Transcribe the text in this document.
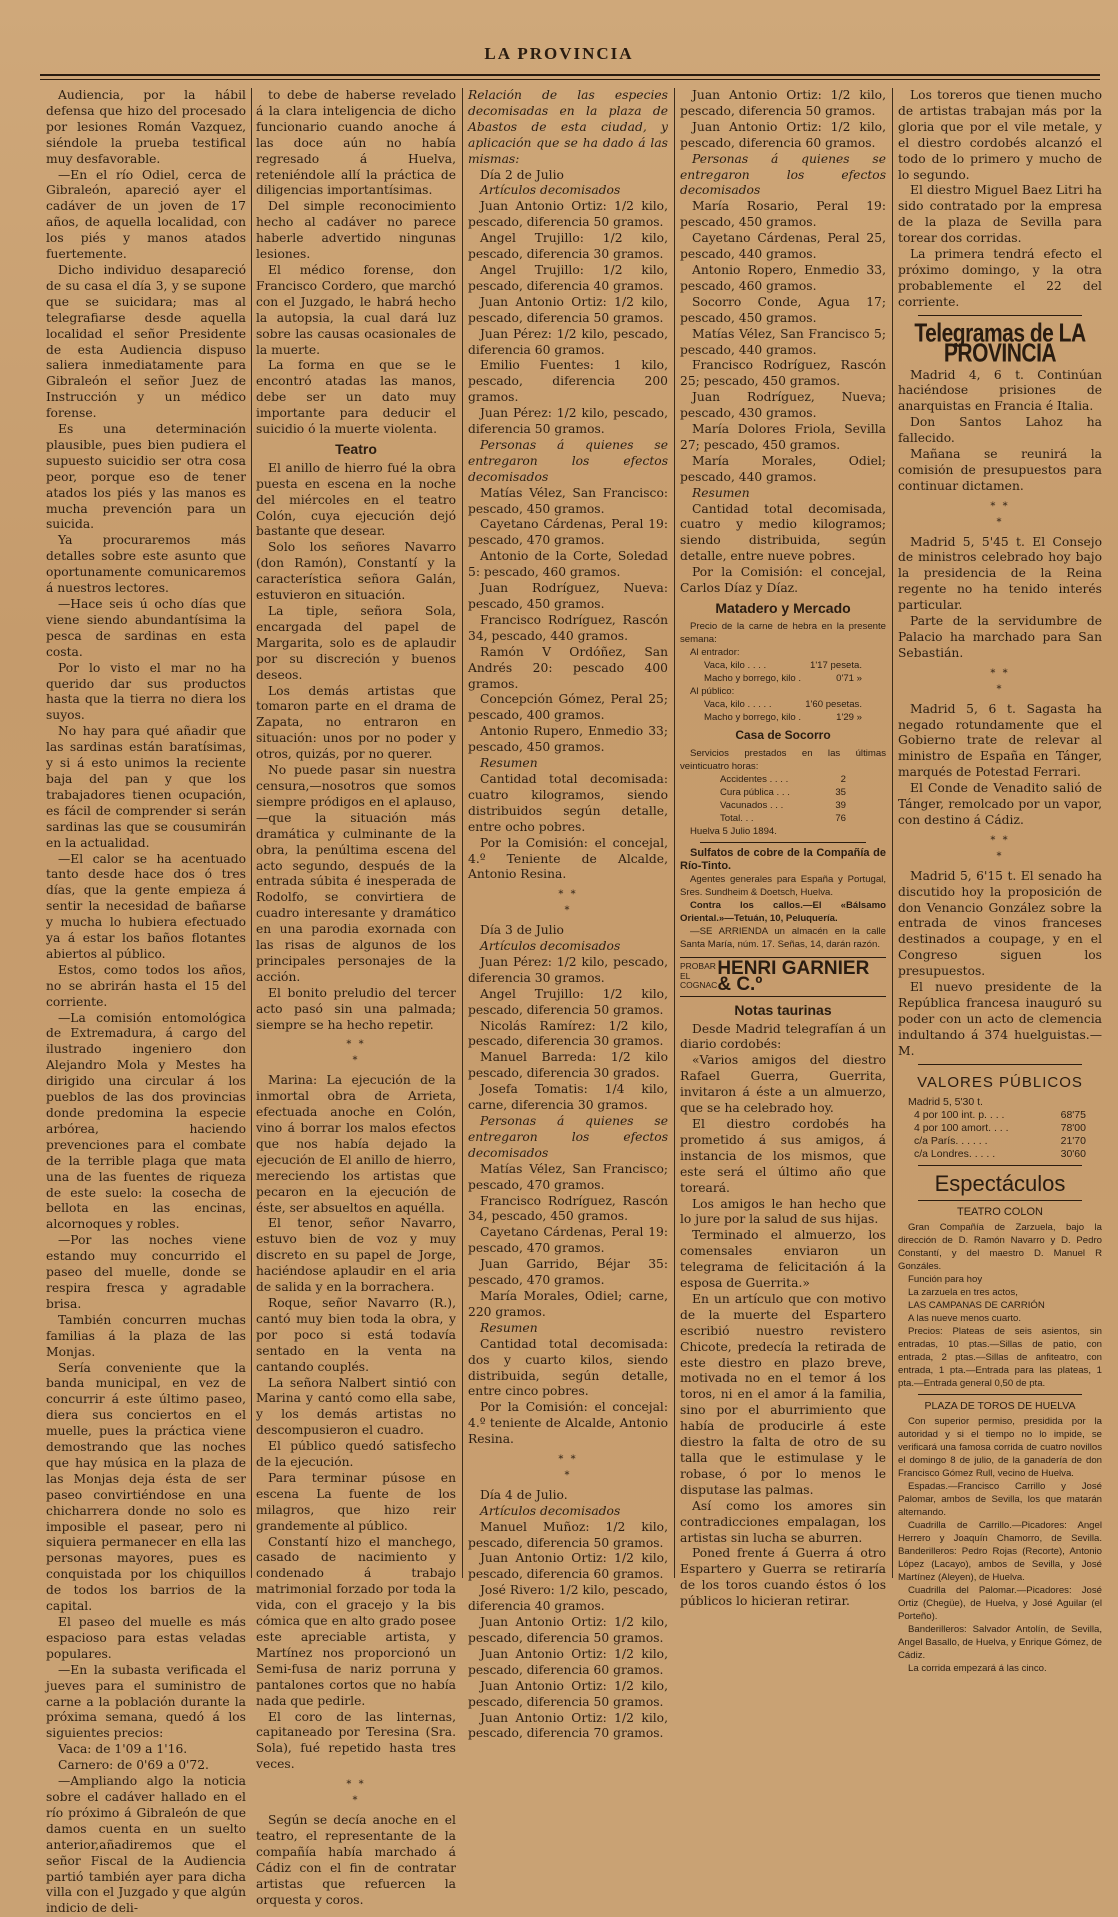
LA PROVINCIA

Audiencia, por la hábil defensa que hizo del procesado por lesiones Román Vazquez, siéndole la prueba testifical muy desfavorable.

—En el río Odiel, cerca de Gibraleón, apareció ayer el cadáver de un joven de 17 años, de aquella localidad, con los piés y manos atados fuertemente.

Dicho individuo desapareció de su casa el día 3, y se supone que se suicidara; mas al telegrafiarse desde aquella localidad el señor Presidente de esta Audiencia dispuso saliera inmediatamente para Gibraleón el señor Juez de Instrucción y un médico forense.

Es una determinación plausible, pues bien pudiera el supuesto suicidio ser otra cosa peor, porque eso de tener atados los piés y las manos es mucha prevención para un suicida.

Ya procuraremos más detalles sobre este asunto que oportunamente comunicaremos á nuestros lectores.

—Hace seis ú ocho días que viene siendo abundantísima la pesca de sardinas en esta costa.

Por lo visto el mar no ha querido dar sus productos hasta que la tierra no diera los suyos.

No hay para qué añadir que las sardinas están baratísimas, y si á esto unimos la reciente baja del pan y que los trabajadores tienen ocupación, es fácil de comprender si serán sardinas las que se cousumirán en la actualidad.

—El calor se ha acentuado tanto desde hace dos ó tres días, que la gente empieza á sentir la necesidad de bañarse y mucha lo hubiera efectuado ya á estar los baños flotantes abiertos al público.

Estos, como todos los años, no se abrirán hasta el 15 del corriente.

—La comisión entomológica de Extremadura, á cargo del ilustrado ingeniero don Alejandro Mola y Mestes ha dirigido una circular á los pueblos de las dos provincias donde predomina la especie arbórea, haciendo prevenciones para el combate de la terrible plaga que mata una de las fuentes de riqueza de este suelo: la cosecha de bellota en las encinas, alcornoques y robles.

—Por las noches viene estando muy concurrido el paseo del muelle, donde se respira fresca y agradable brisa.

También concurren muchas familias á la plaza de las Monjas.

Sería conveniente que la banda municipal, en vez de concurrir á este último paseo, diera sus conciertos en el muelle, pues la práctica viene demostrando que las noches que hay música en la plaza de las Monjas deja ésta de ser paseo convirtiéndose en una chicharrera donde no solo es imposible el pasear, pero ni siquiera permanecer en ella las personas mayores, pues es conquistada por los chiquillos de todos los barrios de la capital.

El paseo del muelle es más espacioso para estas veladas populares.

—En la subasta verificada el jueves para el suministro de carne a la población durante la próxima semana, quedó á los siguientes precios:

Vaca: de 1'09 a 1'16.

Carnero: de 0'69 a 0'72.

—Ampliando algo la noticia sobre el cadáver hallado en el río próximo á Gibraleón de que damos cuenta en un suelto anterior,añadiremos que el señor Fiscal de la Audiencia partió también ayer para dicha villa con el Juzgado y que algún indicio de deli-

to debe de haberse revelado á la clara inteligencia de dicho funcionario cuando anoche á las doce aún no había regresado á Huelva, reteniéndole allí la práctica de diligencias importantísimas.

Del simple reconocimiento hecho al cadáver no parece haberle advertido ningunas lesiones.

El médico forense, don Francisco Cordero, que marchó con el Juzgado, le habrá hecho la autopsia, la cual dará luz sobre las causas ocasionales de la muerte.

La forma en que se le encontró atadas las manos, debe ser un dato muy importante para deducir el suicidio ó la muerte violenta.

Teatro

El anillo de hierro fué la obra puesta en escena en la noche del miércoles en el teatro Colón, cuya ejecución dejó bastante que desear.

Solo los señores Navarro (don Ramón), Constantí y la característica señora Galán, estuvieron en situación.

La tiple, señora Sola, encargada del papel de Margarita, solo es de aplaudir por su discreción y buenos deseos.

Los demás artistas que tomaron parte en el drama de Zapata, no entraron en situación: unos por no poder y otros, quizás, por no querer.

No puede pasar sin nuestra censura,—nosotros que somos siempre pródigos en el aplauso,—que la situación más dramática y culminante de la obra, la penúltima escena del acto segundo, después de la entrada súbita é inesperada de Rodolfo, se convirtiera de cuadro interesante y dramático en una parodia exornada con las risas de algunos de los principales personajes de la acción.

El bonito preludio del tercer acto pasó sin una palmada; siempre se ha hecho repetir.

* *
*

Marina: La ejecución de la inmortal obra de Arrieta, efectuada anoche en Colón, vino á borrar los malos efectos que nos había dejado la ejecución de El anillo de hierro, mereciendo los artistas que pecaron en la ejecución de éste, ser absueltos en aquélla.

El tenor, señor Navarro, estuvo bien de voz y muy discreto en su papel de Jorge, haciéndose aplaudir en el aria de salida y en la borrachera.

Roque, señor Navarro (R.), cantó muy bien toda la obra, y por poco si está todavía sentado en la venta na cantando couplés.

La señora Nalbert sintió con Marina y cantó como ella sabe, y los demás artistas no descompusieron el cuadro.

El público quedó satisfecho de la ejecución.

Para terminar púsose en escena La fuente de los milagros, que hizo reir grandemente al público.

Constantí hizo el manchego, casado de nacimiento y condenado á trabajo matrimonial forzado por toda la vida, con el gracejo y la bis cómica que en alto grado posee este apreciable artista, y Martínez nos proporcionó un Semi-fusa de nariz porruna y pantalones cortos que no había nada que pedirle.

El coro de las linternas, capitaneado por Teresina (Sra. Sola), fué repetido hasta tres veces.

* *
*

Según se decía anoche en el teatro, el representante de la compañía había marchado á Cádiz con el fin de contratar artistas que refuercen la orquesta y coros.

Relación de las especies decomisadas en la plaza de Abastos de esta ciudad, y aplicación que se ha dado á las mismas:

Día 2 de Julio

Artículos decomisados

Juan Antonio Ortiz: 1/2 kilo, pescado, diferencia 50 gramos.

Angel Trujillo: 1/2 kilo, pescado, diferencia 30 gramos.

Angel Trujillo: 1/2 kilo, pescado, diferencia 40 gramos.

Juan Antonio Ortiz: 1/2 kilo, pescado, diferencia 50 gramos.

Juan Pérez: 1/2 kilo, pescado, diferencia 60 gramos.

Emilio Fuentes: 1 kilo, pescado, diferencia 200 gramos.

Juan Pérez: 1/2 kilo, pescado, diferencia 50 gramos.

Personas á quienes se entregaron los efectos decomisados

Matías Vélez, San Francisco: pescado, 450 gramos.

Cayetano Cárdenas, Peral 19: pescado, 470 gramos.

Antonio de la Corte, Soledad 5: pescado, 460 gramos.

Juan Rodríguez, Nueva: pescado, 450 gramos.

Francisco Rodríguez, Rascón 34, pescado, 440 gramos.

Ramón V Ordóñez, San Andrés 20: pescado 400 gramos.

Concepción Gómez, Peral 25; pescado, 400 gramos.

Antonio Rupero, Enmedio 33; pescado, 450 gramos.

Resumen

Cantidad total decomisada: cuatro kilogramos, siendo distribuidos según detalle, entre ocho pobres.

Por la Comisión: el concejal, 4.º Teniente de Alcalde, Antonio Resina.

* *
*

Día 3 de Julio

Artículos decomisados

Juan Pérez: 1/2 kilo, pescado, diferencia 30 gramos.

Angel Trujillo: 1/2 kilo, pescado, diferencia 50 gramos.

Nicolás Ramírez: 1/2 kilo, pescado, diferencia 30 gramos.

Manuel Barreda: 1/2 kilo pescado, diferencia 30 grados.

Josefa Tomatis: 1/4 kilo, carne, diferencia 30 gramos.

Personas á quienes se entregaron los efectos decomisados

Matías Vélez, San Francisco; pescado, 470 gramos.

Francisco Rodríguez, Rascón 34, pescado, 450 gramos.

Cayetano Cárdenas, Peral 19: pescado, 470 gramos.

Juan Garrido, Béjar 35: pescado, 470 gramos.

María Morales, Odiel; carne, 220 gramos.

Resumen

Cantidad total decomisada: dos y cuarto kilos, siendo distribuida, según detalle, entre cinco pobres.

Por la Comisión: el concejal: 4.º teniente de Alcalde, Antonio Resina.

* *
*

Día 4 de Julio.

Artículos decomisados

Manuel Muñoz: 1/2 kilo, pescado, diferencia 50 gramos.

Juan Antonio Ortiz: 1/2 kilo, pescado, diferencia 60 gramos.

José Rivero: 1/2 kilo, pescado, diferencia 40 gramos.

Juan Antonio Ortiz: 1/2 kilo, pescado, diferencia 50 gramos.

Juan Antonio Ortiz: 1/2 kilo, pescado, diferencia 60 gramos.

Juan Antonio Ortiz: 1/2 kilo, pescado, diferencia 50 gramos.

Juan Antonio Ortiz: 1/2 kilo, pescado, diferencia 70 gramos.

Juan Antonio Ortiz: 1/2 kilo, pescado, diferencia 50 gramos.

Juan Antonio Ortiz: 1/2 kilo, pescado, diferencia 60 gramos.

Personas á quienes se entregaron los efectos decomisados

María Rosario, Peral 19: pescado, 450 gramos.

Cayetano Cárdenas, Peral 25, pescado, 440 gramos.

Antonio Ropero, Enmedio 33, pescado, 460 gramos.

Socorro Conde, Agua 17; pescado, 450 gramos.

Matías Vélez, San Francisco 5; pescado, 440 gramos.

Francisco Rodríguez, Rascón 25; pescado, 450 gramos.

Juan Rodríguez, Nueva; pescado, 430 gramos.

María Dolores Friola, Sevilla 27; pescado, 450 gramos.

María Morales, Odiel; pescado, 440 gramos.

Resumen

Cantidad total decomisada, cuatro y medio kilogramos; siendo distribuida, según detalle, entre nueve pobres.

Por la Comisión: el concejal, Carlos Díaz y Díaz.

Matadero y Mercado

Precio de la carne de hebra en la presente semana:

Al entrador:

Vaca, kilo . . . .	1'17 peseta.
Macho y borrego, kilo .	0'71 »

Al público:

Vaca, kilo . . . . .	1'60 pesetas.
Macho y borrego, kilo .	1'29 »
Casa de Socorro

Servicios prestados en las últimas veinticuatro horas:

Accidentes . . . .	2
Cura pública . . .	35
Vacunados . . .	39
Total. . .	76

Huelva 5 Julio 1894.

Sulfatos de cobre de la Compañía de Río-Tinto.

Agentes generales para España y Portugal, Sres. Sundheim & Doetsch, Huelva.

Contra los callos.—El «Bálsamo Oriental.»—Tetuán, 10, Peluquería.

—SE ARRIENDA un almacén en la calle Santa María, núm. 17. Señas, 14, darán razón.

PROBAR EL COGNAC
HENRI GARNIER & C.º
Notas taurinas

Desde Madrid telegrafían á un diario cordobés:

«Varios amigos del diestro Rafael Guerra, Guerrita, invitaron á éste a un almuerzo, que se ha celebrado hoy.

El diestro cordobés ha prometido á sus amigos, á instancia de los mismos, que este será el último año que toreará.

Los amigos le han hecho que lo jure por la salud de sus hijas.

Terminado el almuerzo, los comensales enviaron un telegrama de felicitación á la esposa de Guerrita.»

En un artículo que con motivo de la muerte del Espartero escribió nuestro revistero Chicote, predecía la retirada de este diestro en plazo breve, motivada no en el temor á los toros, ni en el amor á la familia, sino por el aburrimiento que había de producirle á este diestro la falta de otro de su talla que le estimulase y le robase, ó por lo menos le disputase las palmas.

Así como los amores sin contradicciones empalagan, los artistas sin lucha se aburren.

Poned frente á Guerra á otro Espartero y Guerra se retiraría de los toros cuando éstos ó los públicos lo hicieran retirar.

Los toreros que tienen mucho de artistas trabajan más por la gloria que por el vile metale, y el diestro cordobés alcanzó el todo de lo primero y mucho de lo segundo.

El diestro Miguel Baez Litri ha sido contratado por la empresa de la plaza de Sevilla para torear dos corridas.

La primera tendrá efecto el próximo domingo, y la otra probablemente el 22 del corriente.

Telegramas de LA PROVINCIA

Madrid 4, 6 t. Continúan haciéndose prisiones de anarquistas en Francia é Italia.

Don Santos Lahoz ha fallecido.

Mañana se reunirá la comisión de presupuestos para continuar dictamen.

* *
*

Madrid 5, 5'45 t. El Consejo de ministros celebrado hoy bajo la presidencia de la Reina regente no ha tenido interés particular.

Parte de la servidumbre de Palacio ha marchado para San Sebastián.

* *
*

Madrid 5, 6 t. Sagasta ha negado rotundamente que el Gobierno trate de relevar al ministro de España en Tánger, marqués de Potestad Ferrari.

El Conde de Venadito salió de Tánger, remolcado por un vapor, con destino á Cádiz.

* *
*

Madrid 5, 6'15 t. El senado ha discutido hoy la proposición de don Venancio González sobre la entrada de vinos franceses destinados a coupage, y en el Congreso siguen los presupuestos.

El nuevo presidente de la República francesa inauguró su poder con un acto de clemencia indultando á 374 huelguistas.—M.

VALORES PÚBLICOS

Madrid 5, 5'30 t.

4 por 100 int. p. . . .	68'75
4 por 100 amort. . . .	78'00
c/a París. . . . . .	21'70
c/a Londres. . . . .	30'60
Espectáculos
TEATRO COLON

Gran Compañía de Zarzuela, bajo la dirección de D. Ramón Navarro y D. Pedro Constantí, y del maestro D. Manuel R Gonzáles.

Función para hoy

La zarzuela en tres actos,

LAS CAMPANAS DE CARRIÓN

A las nueve menos cuarto.

Precios: Plateas de seis asientos, sin entradas, 10 ptas.—Sillas de patio, con entrada, 2 ptas.—Sillas de anfiteatro, con entrada, 1 pta.—Entrada para las plateas, 1 pta.—Entrada general 0,50 de pta.

PLAZA DE TOROS DE HUELVA

Con superior permiso, presidida por la autoridad y si el tiempo no lo impide, se verificará una famosa corrida de cuatro novillos el domingo 8 de julio, de la ganadería de don Francisco Gómez Rull, vecino de Huelva.

Espadas.—Francisco Carrillo y José Palomar, ambos de Sevilla, los que matarán alternando.

Cuadrilla de Carrillo.—Picadores: Angel Herrero y Joaquín Chamorro, de Sevilla. Banderilleros: Pedro Rojas (Recorte), Antonio López (Lacayo), ambos de Sevilla, y José Martínez (Aleyen), de Huelva.

Cuadrilla del Palomar.—Picadores: José Ortiz (Chegüe), de Huelva, y José Aguilar (el Porteño).

Banderilleros: Salvador Antolín, de Sevilla, Angel Basallo, de Huelva, y Enrique Gómez, de Cádiz.

La corrida empezará á las cinco.
